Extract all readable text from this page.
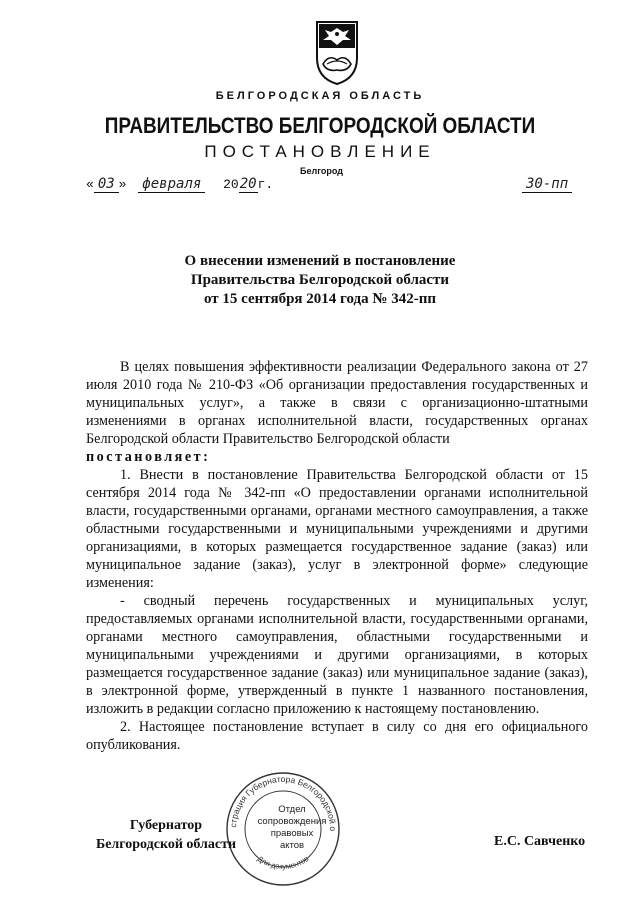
БЕЛГОРОДСКАЯ ОБЛАСТЬ
ПРАВИТЕЛЬСТВО БЕЛГОРОДСКОЙ ОБЛАСТИ
ПОСТАНОВЛЕНИЕ
Белгород
« 03 » февраля 2020г.	30-пп
О внесении изменений в постановление
Правительства Белгородской области
от 15 сентября 2014 года № 342-пп

В целях повышения эффективности реализации Федерального закона от 27 июля 2010 года № 210-ФЗ «Об организации предоставления государственных и муниципальных услуг», а также в связи с организационно-штатными изменениями в органах исполнительной власти, государственных органах Белгородской области Правительство Белгородской области

постановляет:

1. Внести в постановление Правительства Белгородской области от 15 сентября 2014 года № 342-пп «О предоставлении органами исполнительной власти, государственными органами, органами местного самоуправления, а также областными государственными и муниципальными учреждениями и другими организациями, в которых размещается государственное задание (заказ) или муниципальное задание (заказ), услуг в электронной форме» следующие изменения:

- сводный перечень государственных и муниципальных услуг, предоставляемых органами исполнительной власти, государственными органами, органами местного самоуправления, областными государственными и муниципальными учреждениями и другими организациями, в которых размещается государственное задание (заказ) или муниципальное задание (заказ), в электронной форме, утвержденный в пункте 1 названного постановления, изложить в редакции согласно приложению к настоящему постановлению.

2. Настоящее постановление вступает в силу со дня его официального опубликования.

страция Губернатора Белгородской о
Для документов
Отдел
сопровождения
правовых
актов
Губернатор
Белгородской области	Е.С. Савченко
